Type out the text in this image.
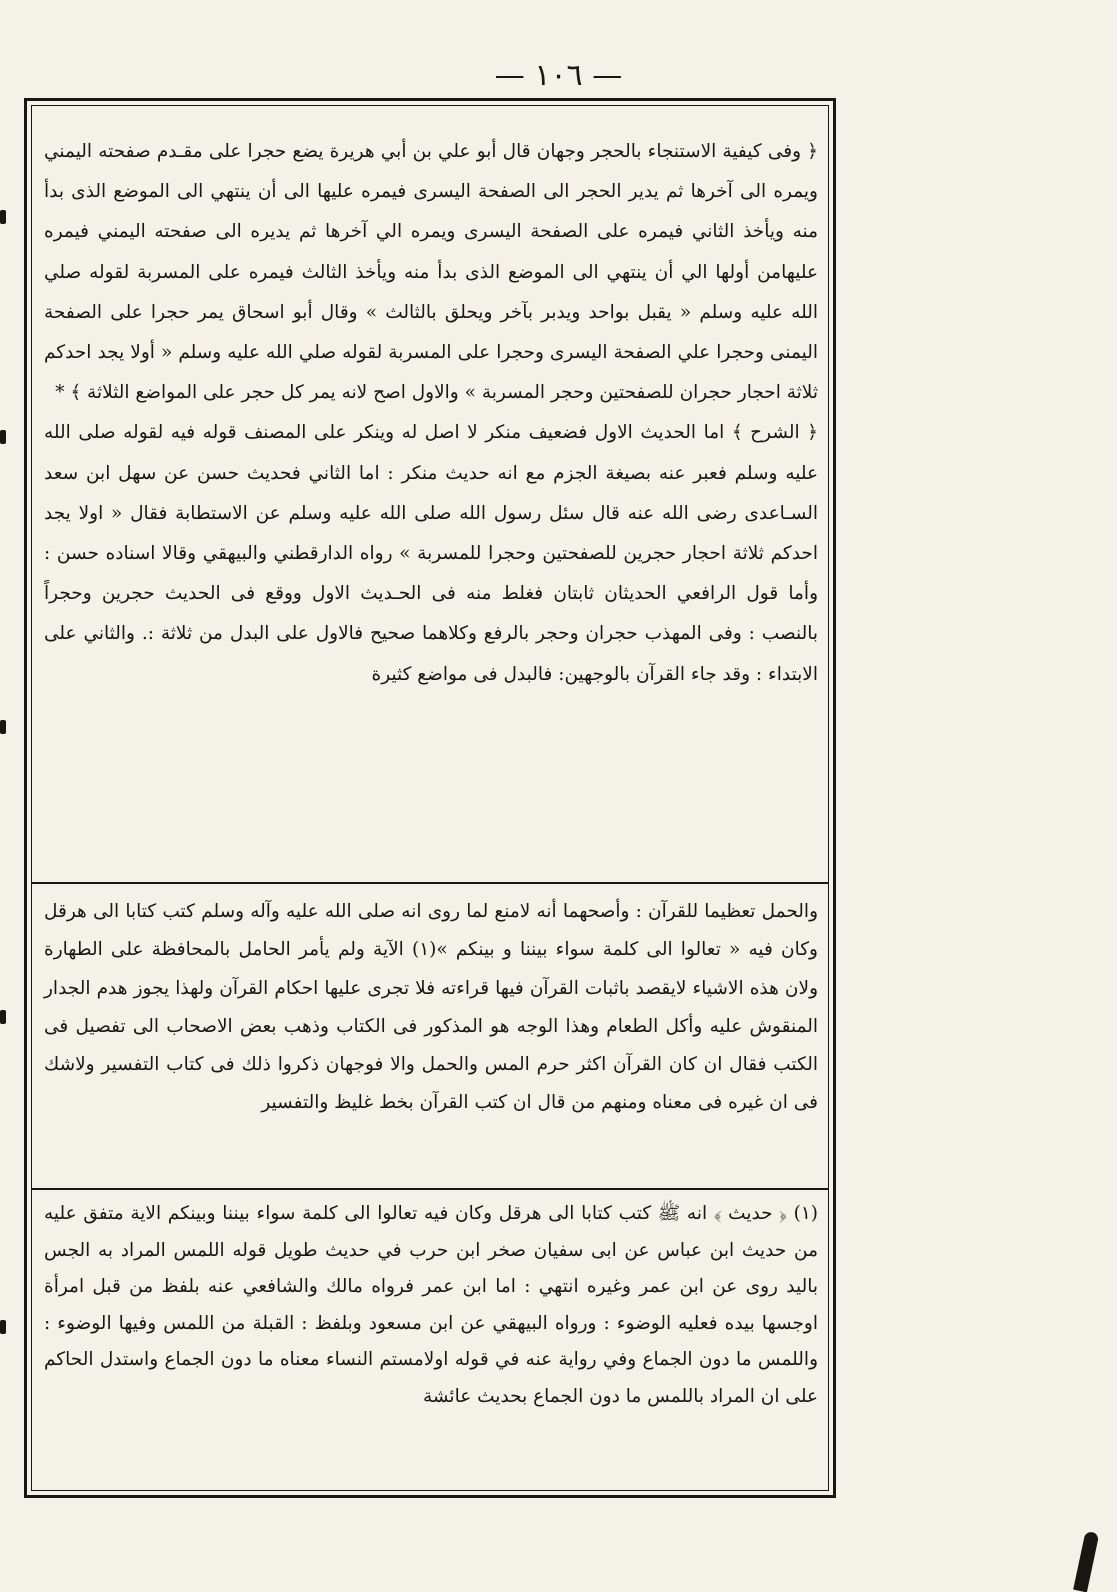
— ١٠٦ —

﴿ وفى كيفية الاستنجاء بالحجر وجهان قال أبو علي بن أبي هريرة يضع حجرا على مقـدم صفحته اليمني ويمره الى آخرها ثم يدير الحجر الى الصفحة اليسرى فيمره عليها الى أن ينتهي الى الموضع الذى بدأ منه ويأخذ الثاني فيمره على الصفحة اليسرى ويمره الي آخرها ثم يديره الى صفحته اليمني فيمره عليهامن أولها الي أن ينتهي الى الموضع الذى بدأ منه ويأخذ الثالث فيمره على المسربة لقوله صلي الله عليه وسلم « يقبل بواحد ويدبر بآخر ويحلق بالثالث » وقال أبو اسحاق يمر حجرا على الصفحة اليمنى وحجرا علي الصفحة اليسرى وحجرا على المسربة لقوله صلي الله عليه وسلم « أولا يجد احدكم ثلاثة احجار حجران للصفحتين وحجر المسربة » والاول اصح لانه يمر كل حجر على المواضع الثلاثة ﴾ *

﴿ الشرح ﴾ اما الحديث الاول فضعيف منكر لا اصل له وينكر على المصنف قوله فيه لقوله صلى الله عليه وسلم فعبر عنه بصيغة الجزم مع انه حديث منكر : اما الثاني فحديث حسن عن سهل ابن سعد السـاعدى رضى الله عنه قال سئل رسول الله صلى الله عليه وسلم عن الاستطابة فقال « اولا يجد احدكم ثلاثة احجار حجرين للصفحتين وحجرا للمسربة » رواه الدارقطني والبيهقي وقالا اسناده حسن : وأما قول الرافعي الحديثان ثابتان فغلط منه فى الحـديث الاول ووقع فى الحديث حجرين وحجراً بالنصب : وفى المهذب حجران وحجر بالرفع وكلاهما صحيح فالاول على البدل من ثلاثة :. والثاني على الابتداء : وقد جاء القرآن بالوجهين: فالبدل فى مواضع كثيرة

والحمل تعظيما للقرآن : وأصحهما أنه لامنع لما روى انه صلى الله عليه وآله وسلم كتب كتابا الى هرقل وكان فيه « تعالوا الى كلمة سواء بيننا و بينكم »(١) الآية ولم يأمر الحامل بالمحافظة على الطهارة ولان هذه الاشياء لايقصد باثبات القرآن فيها قراءته فلا تجرى عليها احكام القرآن ولهذا يجوز هدم الجدار المنقوش عليه وأكل الطعام وهذا الوجه هو المذكور فى الكتاب وذهب بعض الاصحاب الى تفصيل فى الكتب فقال ان كان القرآن اكثر حرم المس والحمل والا فوجهان ذكروا ذلك فى كتاب التفسير ولاشك فى ان غيره فى معناه ومنهم من قال ان كتب القرآن بخط غليظ والتفسير

(١) ﴿ حديث ﴾ انه ﷺ كتب كتابا الى هرقل وكان فيه تعالوا الى كلمة سواء بيننا وبينكم الاية متفق عليه من حديث ابن عباس عن ابى سفيان صخر ابن حرب في حديث طويل قوله اللمس المراد به الجس باليد روى عن ابن عمر وغيره انتهي : اما ابن عمر فرواه مالك والشافعي عنه بلفظ من قبل امرأة اوجسها بيده فعليه الوضوء : ورواه البيهقي عن ابن مسعود وبلفظ : القبلة من اللمس وفيها الوضوء : واللمس ما دون الجماع وفي رواية عنه في قوله اولامستم النساء معناه ما دون الجماع واستدل الحاكم على ان المراد باللمس ما دون الجماع بحديث عائشة
